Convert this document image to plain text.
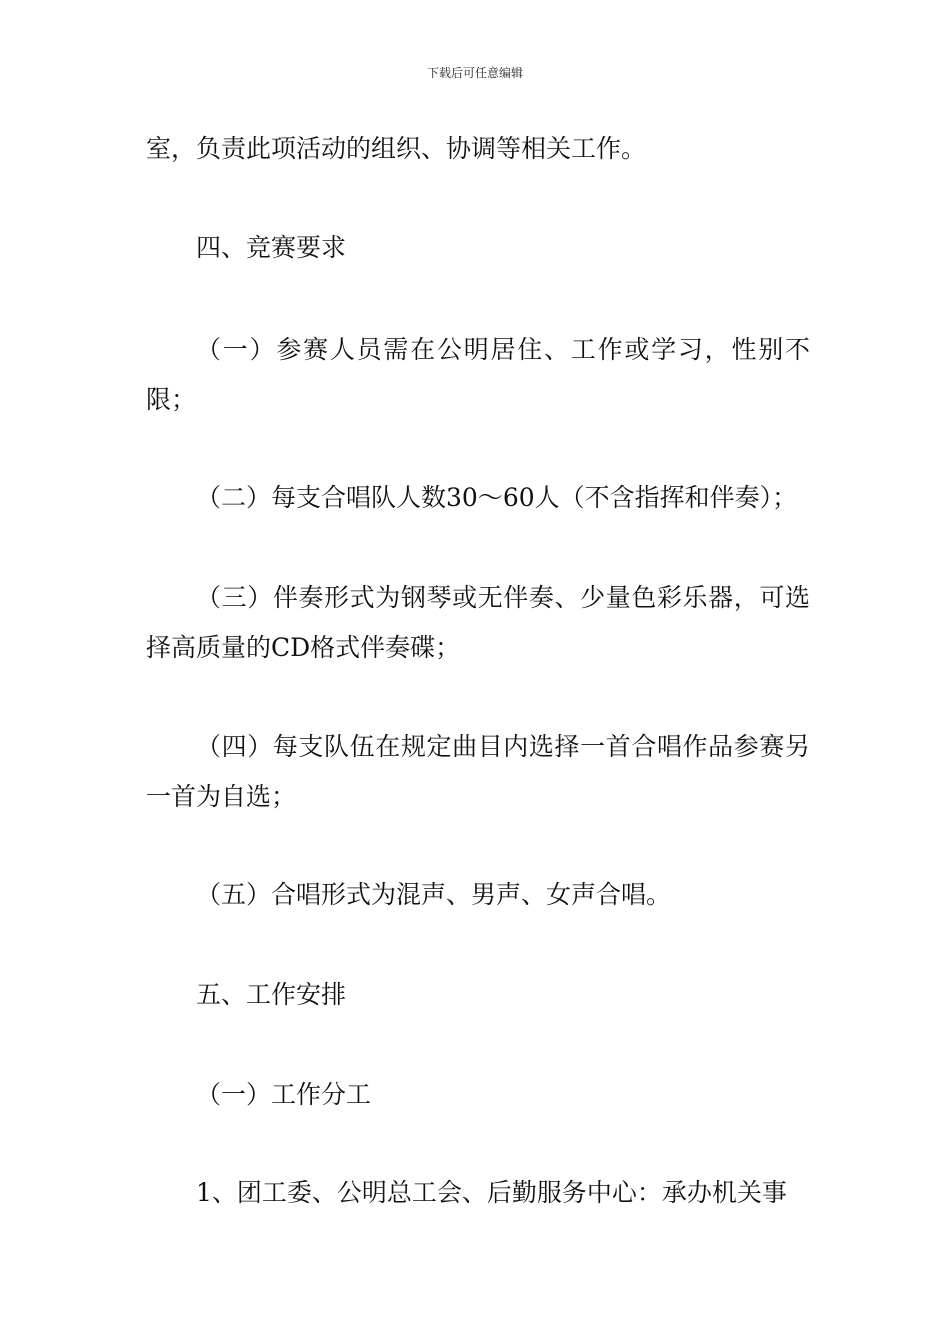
下载后可任意编辑

室，负责此项活动的组织、协调等相关工作。

四、竞赛要求

（一）参赛人员需在公明居住、工作或学习，性别不限；

（二）每支合唱队人数30～60人（不含指挥和伴奏）；

（三）伴奏形式为钢琴或无伴奏、少量色彩乐器，可选择高质量的CD格式伴奏碟；

（四）每支队伍在规定曲目内选择一首合唱作品参赛另一首为自选；

（五）合唱形式为混声、男声、女声合唱。

五、工作安排

（一）工作分工

1、团工委、公明总工会、后勤服务中心：承办机关事
